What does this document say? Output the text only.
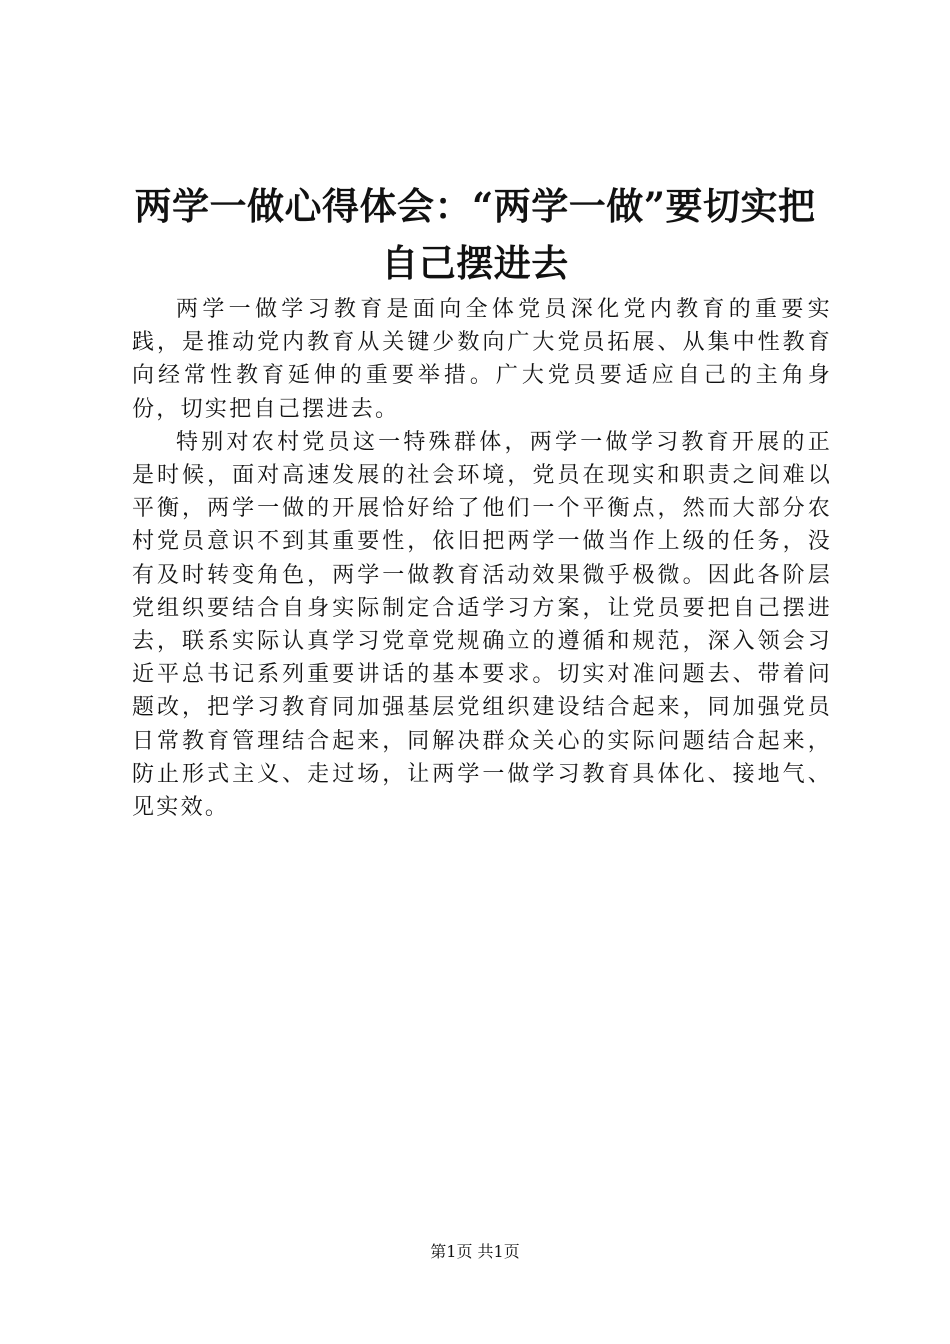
两学一做心得体会：“两学一做”要切实把自己摆进去

两学一做学习教育是面向全体党员深化党内教育的重要实践，是推动党内教育从关键少数向广大党员拓展、从集中性教育向经常性教育延伸的重要举措。广大党员要适应自己的主角身份，切实把自己摆进去。

特别对农村党员这一特殊群体，两学一做学习教育开展的正是时候，面对高速发展的社会环境，党员在现实和职责之间难以平衡，两学一做的开展恰好给了他们一个平衡点，然而大部分农村党员意识不到其重要性，依旧把两学一做当作上级的任务，没有及时转变角色，两学一做教育活动效果微乎极微。因此各阶层党组织要结合自身实际制定合适学习方案，让党员要把自己摆进去，联系实际认真学习党章党规确立的遵循和规范，深入领会习近平总书记系列重要讲话的基本要求。切实对准问题去、带着问题改，把学习教育同加强基层党组织建设结合起来，同加强党员日常教育管理结合起来，同解决群众关心的实际问题结合起来，防止形式主义、走过场，让两学一做学习教育具体化、接地气、见实效。

第1页 共1页
